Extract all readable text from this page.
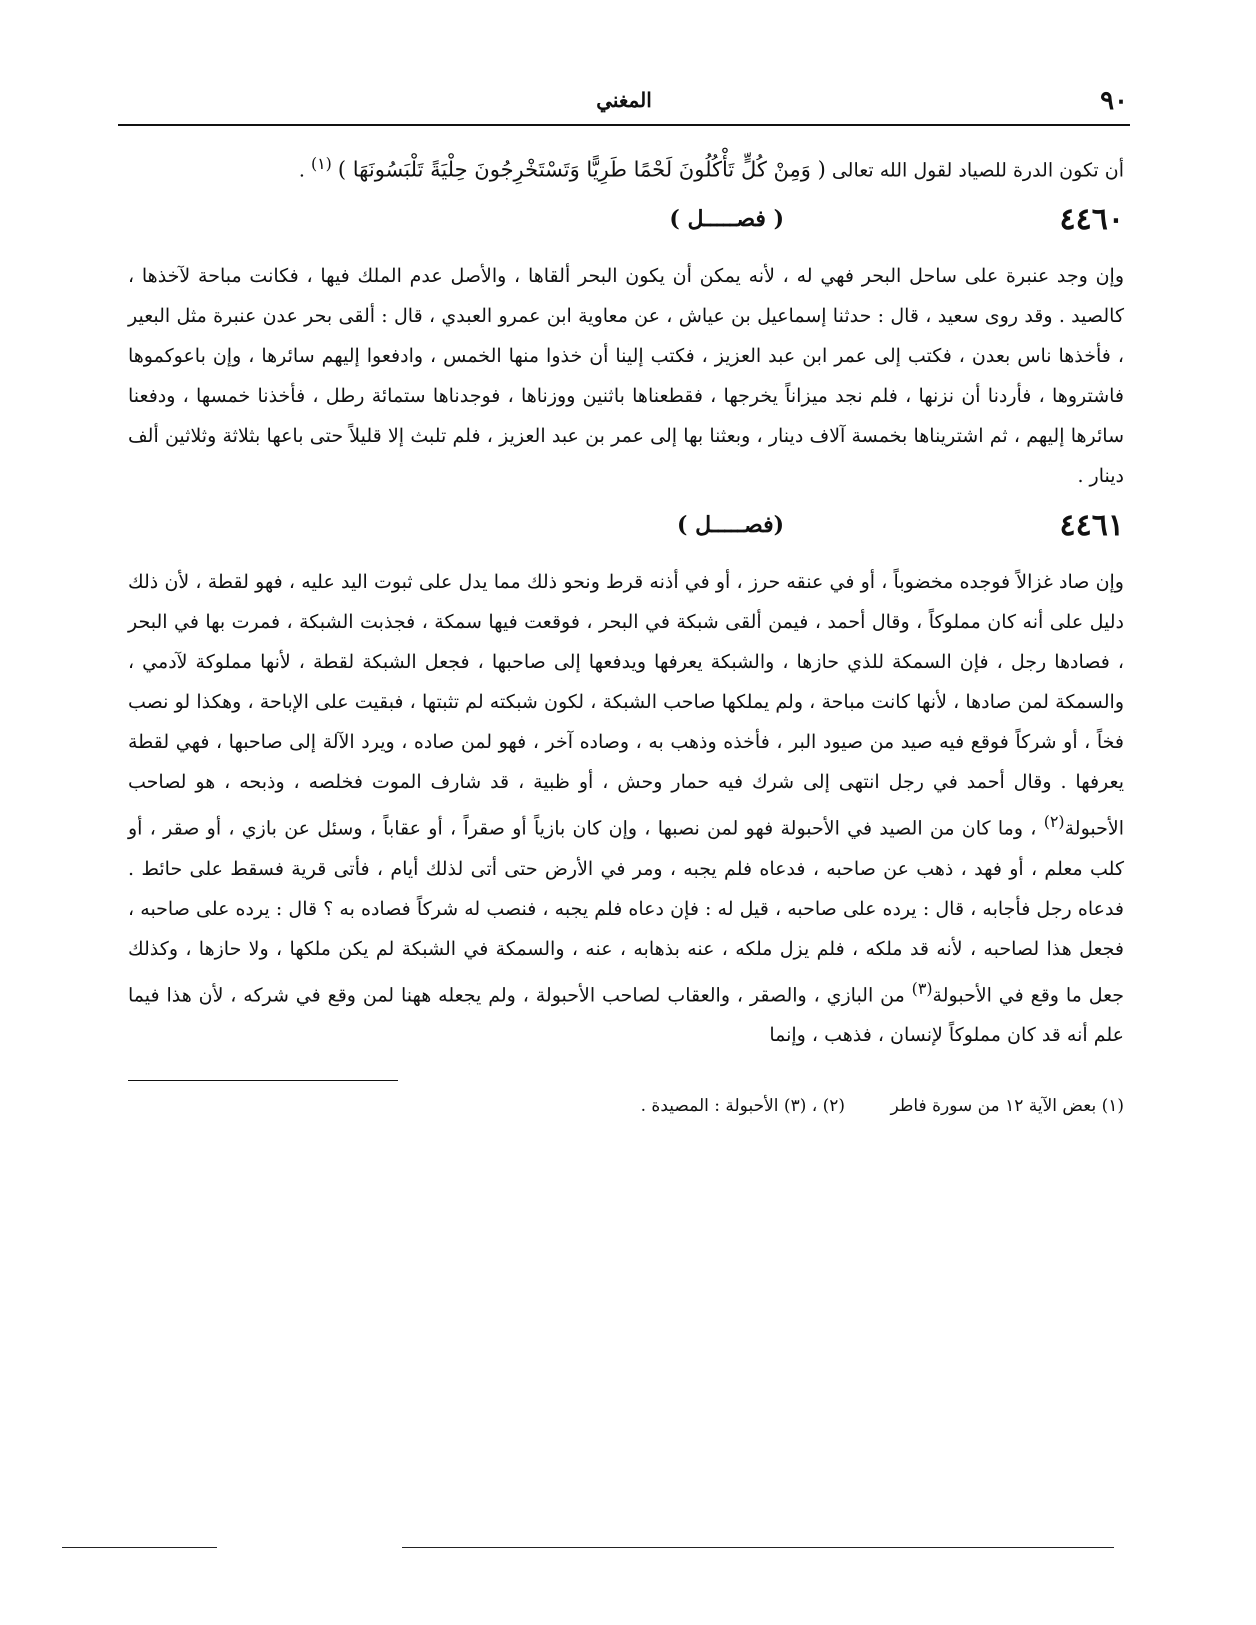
٩٠
المغني

أن تكون الدرة للصياد لقول الله تعالى ( وَمِنْ كُلٍّ تَأْكُلُونَ لَحْمًا طَرِيًّا وَتَسْتَخْرِجُونَ حِلْيَةً تَلْبَسُونَهَا ) $^{(١)}$ .

٤٤٦٠
( فصـــــل )

وإن وجد عنبرة على ساحل البحر فهي له ، لأنه يمكن أن يكون البحر ألقاها ، والأصل عدم الملك فيها ، فكانت مباحة لآخذها ، كالصيد . وقد روى سعيد ، قال : حدثنا إسماعيل بن عياش ، عن معاوية ابن عمرو العبدي ، قال : ألقى بحر عدن عنبرة مثل البعير ، فأخذها ناس بعدن ، فكتب إلى عمر ابن عبد العزيز ، فكتب إلينا أن خذوا منها الخمس ، وادفعوا إليهم سائرها ، وإن باعوكموها فاشتروها ، فأردنا أن نزنها ، فلم نجد ميزاناً يخرجها ، فقطعناها باثنين ووزناها ، فوجدناها ستمائة رطل ، فأخذنا خمسها ، ودفعنا سائرها إليهم ، ثم اشتريناها بخمسة آلاف دينار ، وبعثنا بها إلى عمر بن عبد العزيز ، فلم تلبث إلا قليلاً حتى باعها بثلاثة وثلاثين ألف دينار .

٤٤٦١
(فصـــــل )

وإن صاد غزالاً فوجده مخضوباً ، أو في عنقه حرز ، أو في أذنه قرط ونحو ذلك مما يدل على ثبوت اليد عليه ، فهو لقطة ، لأن ذلك دليل على أنه كان مملوكاً ، وقال أحمد ، فيمن ألقى شبكة في البحر ، فوقعت فيها سمكة ، فجذبت الشبكة ، فمرت بها في البحر ، فصادها رجل ، فإن السمكة للذي حازها ، والشبكة يعرفها ويدفعها إلى صاحبها ، فجعل الشبكة لقطة ، لأنها مملوكة لآدمي ، والسمكة لمن صادها ، لأنها كانت مباحة ، ولم يملكها صاحب الشبكة ، لكون شبكته لم تثبتها ، فبقيت على الإباحة ، وهكذا لو نصب فخاً ، أو شركاً فوقع فيه صيد من صيود البر ، فأخذه وذهب به ، وصاده آخر ، فهو لمن صاده ، ويرد الآلة إلى صاحبها ، فهي لقطة يعرفها . وقال أحمد في رجل انتهى إلى شرك فيه حمار وحش ، أو ظبية ، قد شارف الموت فخلصه ، وذبحه ، هو لصاحب الأحبولة$^{(٢)}$ ، وما كان من الصيد في الأحبولة فهو لمن نصبها ، وإن كان بازياً أو صقراً ، أو عقاباً ، وسئل عن بازي ، أو صقر ، أو كلب معلم ، أو فهد ، ذهب عن صاحبه ، فدعاه فلم يجبه ، ومر في الأرض حتى أتى لذلك أيام ، فأتى قرية فسقط على حائط . فدعاه رجل فأجابه ، قال : يرده على صاحبه ، قيل له : فإن دعاه فلم يجبه ، فنصب له شركاً فصاده به ؟ قال : يرده على صاحبه ، فجعل هذا لصاحبه ، لأنه قد ملكه ، فلم يزل ملكه ، عنه بذهابه ، عنه ، والسمكة في الشبكة لم يكن ملكها ، ولا حازها ، وكذلك جعل ما وقع في الأحبولة$^{(٣)}$ من البازي ، والصقر ، والعقاب لصاحب الأحبولة ، ولم يجعله ههنا لمن وقع في شركه ، لأن هذا فيما علم أنه قد كان مملوكاً لإنسان ، فذهب ، وإنما

(١) بعض الآية ١٢ من سورة فاطر (٢) ، (٣) الأحبولة : المصيدة .
